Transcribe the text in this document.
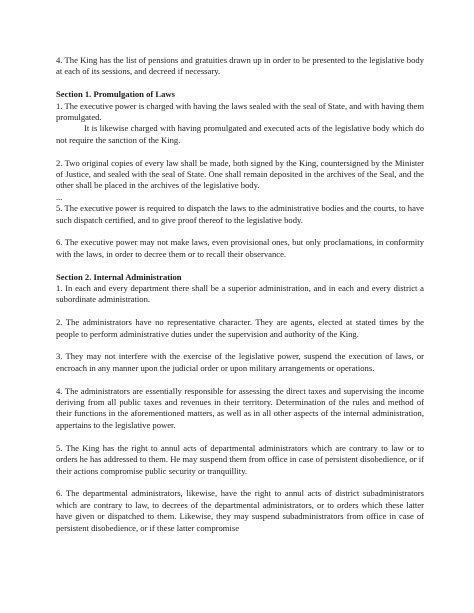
4. The King has the list of pensions and gratuities drawn up in order to be presented to the legislative body at each of its sessions, and decreed if necessary.

Section 1. Promulgation of Laws

1. The executive power is charged with having the laws sealed with the seal of State, and with having them promulgated.

It is likewise charged with having promulgated and executed acts of the legislative body which do not require the sanction of the King.

2. Two original copies of every law shall be made, both signed by the King, countersigned by the Minister of Justice, and sealed with the seal of State. One shall remain deposited in the archives of the Seal, and the other shall be placed in the archives of the legislative body.

...

5. The executive power is required to dispatch the laws to the administrative bodies and the courts, to have such dispatch certified, and to give proof thereof to the legislative body.

6. The executive power may not make laws, even provisional ones, but only proclamations, in conformity with the laws, in order to decree them or to recall their observance.

Section 2. Internal Administration

1. In each and every department there shall be a superior administration, and in each and every district a subordinate administration.

2. The administrators have no representative character. They are agents, elected at stated times by the people to perform administrative duties under the supervision and authority of the King.

3. They may not interfere with the exercise of the legislative power, suspend the execution of laws, or encroach in any manner upon the judicial order or upon military arrangements or operations.

4. The administrators are essentially responsible for assessing the direct taxes and supervising the income deriving from all public taxes and revenues in their territory. Determination of the rules and method of their functions in the aforementioned matters, as well as in all other aspects of the internal administration, appertains to the legislative power.

5. The King has the right to annul acts of departmental administrators which are contrary to law or to orders he has addressed to them. He may suspend them from office in case of persistent disobedience, or if their actions compromise public security or tranquillity.

6. The departmental administrators, likewise, have the right to annul acts of district subadministrators which are contrary to law, to decrees of the departmental administrators, or to orders which these latter have given or dispatched to them. Likewise, they may suspend subadministrators from office in case of persistent disobedience, or if these latter compromise
